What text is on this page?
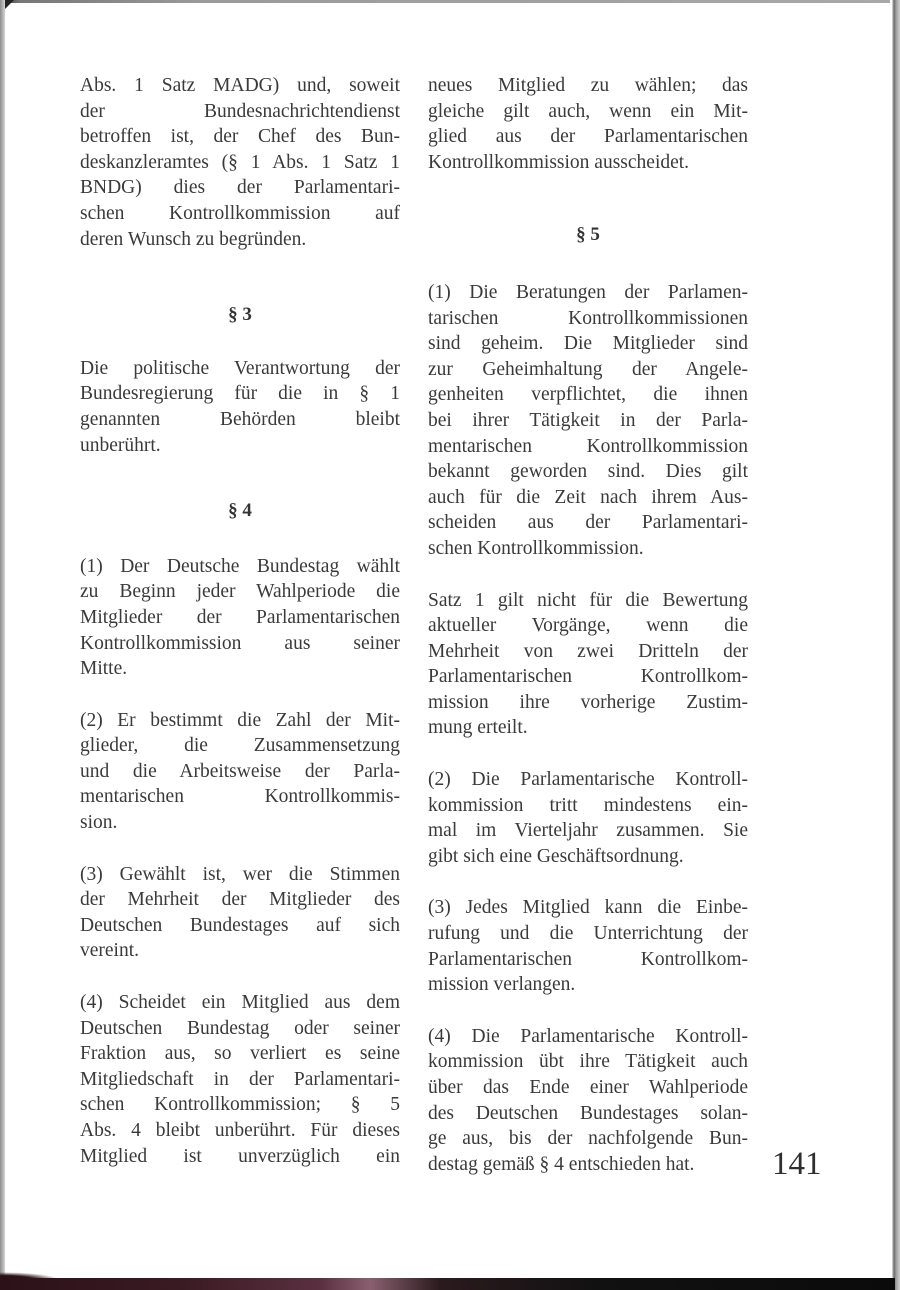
Abs. 1 Satz MADG) und, soweit
der Bundesnachrichtendienst
betroffen ist, der Chef des Bun-
deskanzleramtes (§ 1 Abs. 1 Satz 1
BNDG) dies der Parlamentari-
schen Kontrollkommission auf
deren Wunsch zu begründen.

§ 3

Die politische Verantwortung der
Bundesregierung für die in § 1
genannten Behörden bleibt
unberührt.

§ 4

(1) Der Deutsche Bundestag wählt
zu Beginn jeder Wahlperiode die
Mitglieder der Parlamentarischen
Kontrollkommission aus seiner
Mitte.

(2) Er bestimmt die Zahl der Mit-
glieder, die Zusammensetzung
und die Arbeitsweise der Parla-
mentarischen Kontrollkommis-
sion.

(3) Gewählt ist, wer die Stimmen
der Mehrheit der Mitglieder des
Deutschen Bundestages auf sich
vereint.

(4) Scheidet ein Mitglied aus dem
Deutschen Bundestag oder seiner
Fraktion aus, so verliert es seine
Mitgliedschaft in der Parlamentari-
schen Kontrollkommission; § 5
Abs. 4 bleibt unberührt. Für dieses
Mitglied ist unverzüglich ein

neues Mitglied zu wählen; das
gleiche gilt auch, wenn ein Mit-
glied aus der Parlamentarischen
Kontrollkommission ausscheidet.

§ 5

(1) Die Beratungen der Parlamen-
tarischen Kontrollkommissionen
sind geheim. Die Mitglieder sind
zur Geheimhaltung der Angele-
genheiten verpflichtet, die ihnen
bei ihrer Tätigkeit in der Parla-
mentarischen Kontrollkommission
bekannt geworden sind. Dies gilt
auch für die Zeit nach ihrem Aus-
scheiden aus der Parlamentari-
schen Kontrollkommission.

Satz 1 gilt nicht für die Bewertung
aktueller Vorgänge, wenn die
Mehrheit von zwei Dritteln der
Parlamentarischen Kontrollkom-
mission ihre vorherige Zustim-
mung erteilt.

(2) Die Parlamentarische Kontroll-
kommission tritt mindestens ein-
mal im Vierteljahr zusammen. Sie
gibt sich eine Geschäftsordnung.

(3) Jedes Mitglied kann die Einbe-
rufung und die Unterrichtung der
Parlamentarischen Kontrollkom-
mission verlangen.

(4) Die Parlamentarische Kontroll-
kommission übt ihre Tätigkeit auch
über das Ende einer Wahlperiode
des Deutschen Bundestages solan-
ge aus, bis der nachfolgende Bun-
destag gemäß § 4 entschieden hat.	141
